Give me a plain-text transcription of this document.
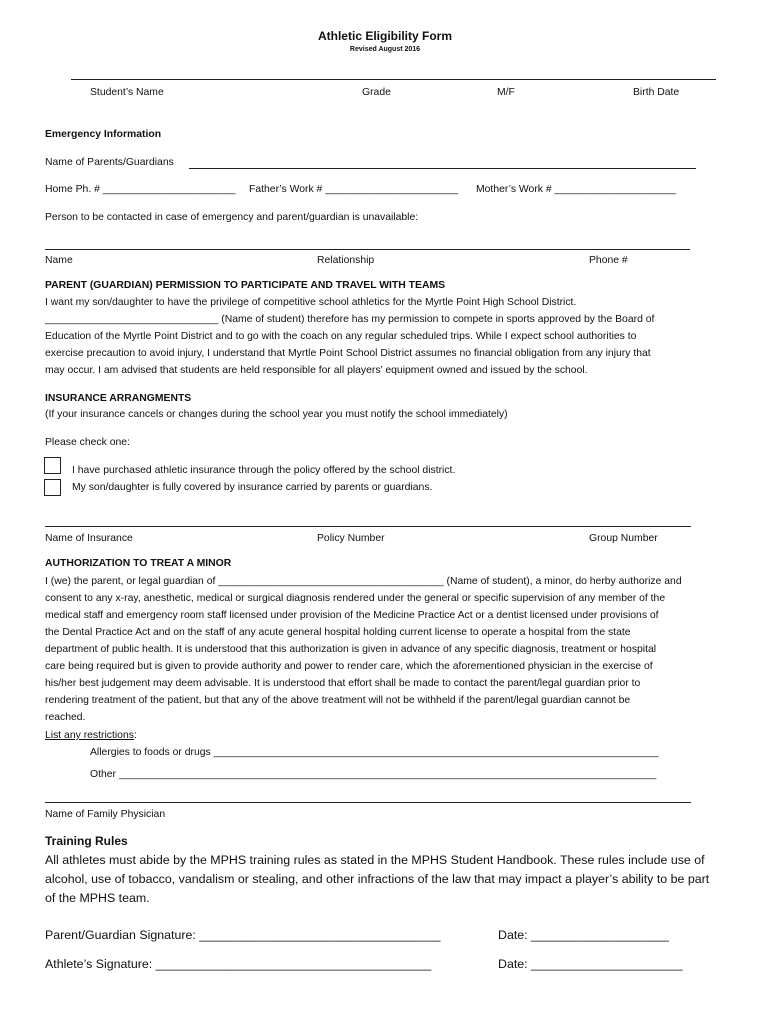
Athletic Eligibility Form
Revised August 2016
Student’s Name	Grade	M/F	Birth Date
Emergency Information
Name of Parents/Guardians
Home Ph. # _______________________ Father’s Work # _______________________ Mother’s Work # _____________________
Person to be contacted in case of emergency and parent/guardian is unavailable:
Name	Relationship	Phone #
PARENT (GUARDIAN) PERMISSION TO PARTICIPATE AND TRAVEL WITH TEAMS

I want my son/daughter to have the privilege of competitive school athletics for the Myrtle Point High School District.

______________________________ (Name of student) therefore has my permission to compete in sports approved by the Board of

Education of the Myrtle Point District and to go with the coach on any regular scheduled trips. While I expect school authorities to

exercise precaution to avoid injury, I understand that Myrtle Point School District assumes no financial obligation from any injury that

may occur. I am advised that students are held responsible for all players’ equipment owned and issued by the school.

INSURANCE ARRANGMENTS
(If your insurance cancels or changes during the school year you must notify the school immediately)
Please check one:
I have purchased athletic insurance through the policy offered by the school district.
My son/daughter is fully covered by insurance carried by parents or guardians.
Name of Insurance	Policy Number	Group Number
AUTHORIZATION TO TREAT A MINOR

I (we) the parent, or legal guardian of _______________________________________ (Name of student), a minor, do herby authorize and

consent to any x-ray, anesthetic, medical or surgical diagnosis rendered under the general or specific supervision of any member of the

medical staff and emergency room staff licensed under provision of the Medicine Practice Act or a dentist licensed under provisions of

the Dental Practice Act and on the staff of any acute general hospital holding current license to operate a hospital from the state

department of public health. It is understood that this authorization is given in advance of any specific diagnosis, treatment or hospital

care being required but is given to provide authority and power to render care, which the aforementioned physician in the exercise of

his/her best judgement may deem advisable. It is understood that effort shall be made to contact the parent/legal guardian prior to

rendering treatment of the patient, but that any of the above treatment will not be withheld if the parent/legal guardian cannot be

reached.

List any restrictions:
Allergies to foods or drugs _____________________________________________________________________________
Other _____________________________________________________________________________________________
Name of Family Physician
Training Rules

All athletes must abide by the MPHS training rules as stated in the MPHS Student Handbook. These rules include use of

alcohol, use of tobacco, vandalism or stealing, and other infractions of the law that may impact a player’s ability to be part

of the MPHS team.

Parent/Guardian Signature: ___________________________________	Date: ____________________
Athlete’s Signature: ________________________________________	Date: ______________________
